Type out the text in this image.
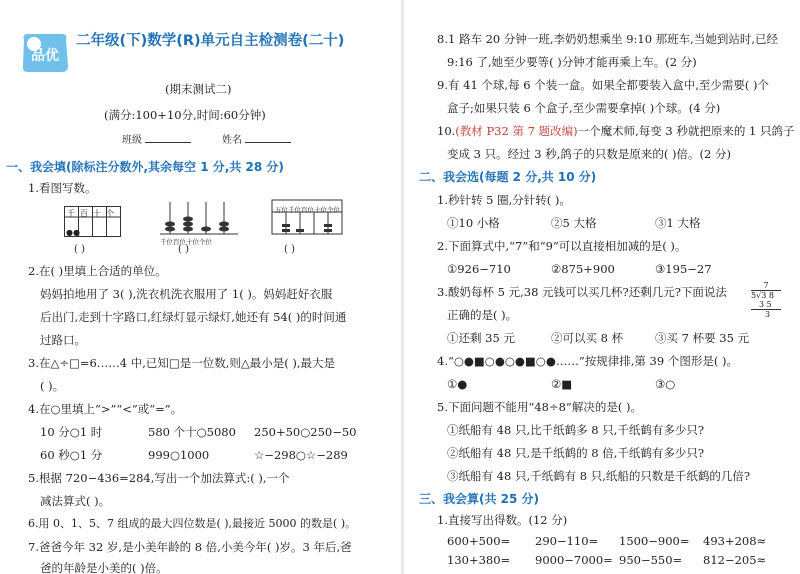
品优
二年级(下)数学(R)单元自主检测卷(二十)
(期末测试二)
(满分:100+10分,时间:60分钟)
班级	姓名
一、我会填(除标注分数外,其余每空 1 分,共 28 分)
1.看图写数。
千百十个
●●
( )
千位百位十位个位
( )
万位千位百位十位个位
( )
2.在( )里填上合适的单位。
妈妈拍地用了 3( ),洗衣机洗衣服用了 1( )。妈妈赶好衣服
后出门,走到十字路口,红绿灯显示绿灯,她还有 54( )的时间通
过路口。
3.在△÷□=6……4 中,已知□是一位数,则△最小是( ),最大是
( )。
4.在○里填上“>”“<”或“=”。
10 分○1 时	580 个十○5080 250+50○250−50
60 秒○1 分	999○1000	☆−298○☆−289
5.根据 720−436=284,写出一个加法算式:( ),一个
减法算式( )。
6.用 0、1、5、7 组成的最大四位数是( ),最接近 5000 的数是( )。
7.爸爸今年 32 岁,是小美年龄的 8 倍,小美今年( )岁。3 年后,爸
爸的年龄是小美的( )倍。
8.1 路车 20 分钟一班,李奶奶想乘坐 9:10 那班车,当她到站时,已经
9:16 了,她至少要等( )分钟才能再乘上车。(2 分)
9.有 41 个球,每 6 个装一盒。如果全都要装入盒中,至少需要( )个
盒子;如果只装 6 个盒子,至少需要拿掉( )个球。(4 分)
10.(教材 P32 第 7 题改编)一个魔术师,每变 3 秒就把原来的 1 只鸽子
变成 3 只。经过 3 秒,鸽子的只数是原来的( )倍。(2 分)
二、我会选(每题 2 分,共 10 分)
1.秒针转 5 圈,分针转( )。
①10 小格	②5 大格	③1 大格
2.下面算式中,“7”和“9”可以直接相加减的是( )。
①926−710	②875+900	③195−27
3.酸奶每杯 5 元,38 元钱可以买几杯?还剩几元?下面说法
正确的是( )。
7
5√3 8
3 5
3
①还剩 35 元	②可以买 8 杯	③买 7 杯要 35 元
4.“○●■○●○●■○●……”按规律排,第 39 个图形是( )。
①●	②■	③○
5.下面问题不能用“48÷8”解决的是( )。
①纸船有 48 只,比千纸鹤多 8 只,千纸鹤有多少只?
②纸船有 48 只,是千纸鹤的 8 倍,千纸鹤有多少只?
③纸船有 48 只,千纸鹤有 8 只,纸船的只数是千纸鹤的几倍?
三、我会算(共 25 分)
1.直接写出得数。(12 分)
600+500= 290−110= 1500−900= 493+208≈
130+380= 9000−7000= 950−550= 812−205≈
